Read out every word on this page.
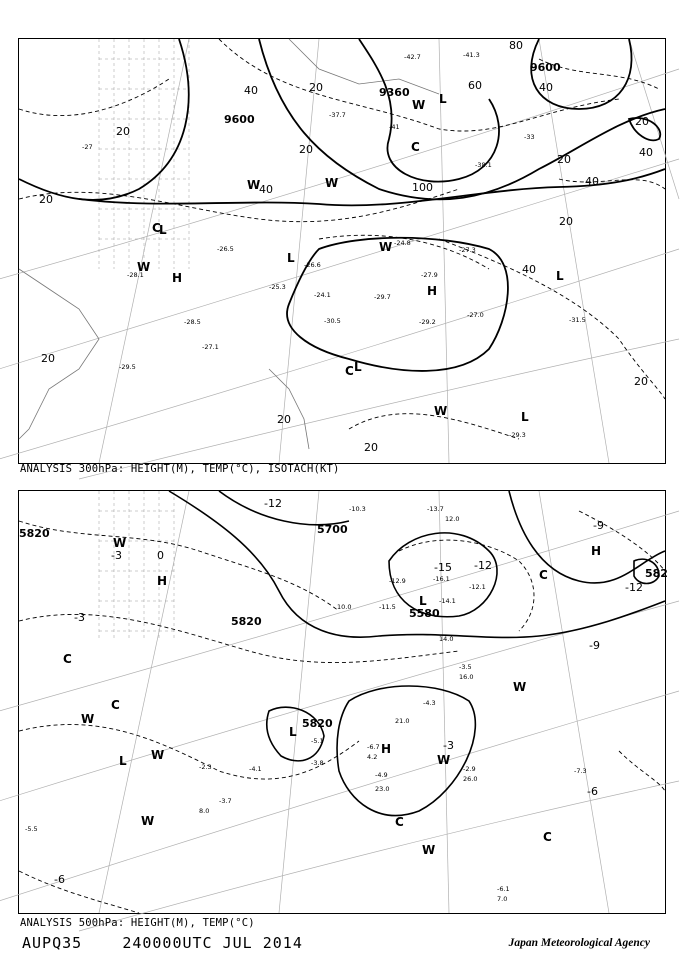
9600
9360
9600
20
20
20
20
40
100
60
80
40
20
40
20
40
20
20
40
20
20
20
40
H
L
L
H
L
L
C
L
C
L
C
W
W
W
W
W
W
-27
-26.5
-25.3
-24.8
-27.1
-28.5
-29.5
-30.5	-31.5
-29.3
-27.3
-28.1
-26.6
-27.9
-27.0
-24.1	-29.7
-29.2
-41.3
-42.7
-38.1
-33
-37.7
-41
ANALYSIS 300hPa: HEIGHT(M), TEMP(°C), ISOTACH(KT)
5820	5700
5820
5820
5580
582
-12
-15 -12
-3
-9
-3
0
-3
-12
-9
-6
-6
H
H
L
L
L
H
C
C
C
C
W
W
W
W
W
W
W
C
-10.3	-13.7
-12.1
-14.1
-16.1
-12.9
-11.5
-7.3
-4.9
-6.1
-5.5
-3.5
-4.3
-3.8
-2.9
-3.7
-2.3	-4.1
-5.1
-6.7
12.0
14.0
21.0
23.0
26.0
7.0
8.0
16.0
10.0
4.2
ANALYSIS 500hPa: HEIGHT(M), TEMP(°C)
AUPQ35	240000UTC JUL 2014	Japan Meteorological Agency
